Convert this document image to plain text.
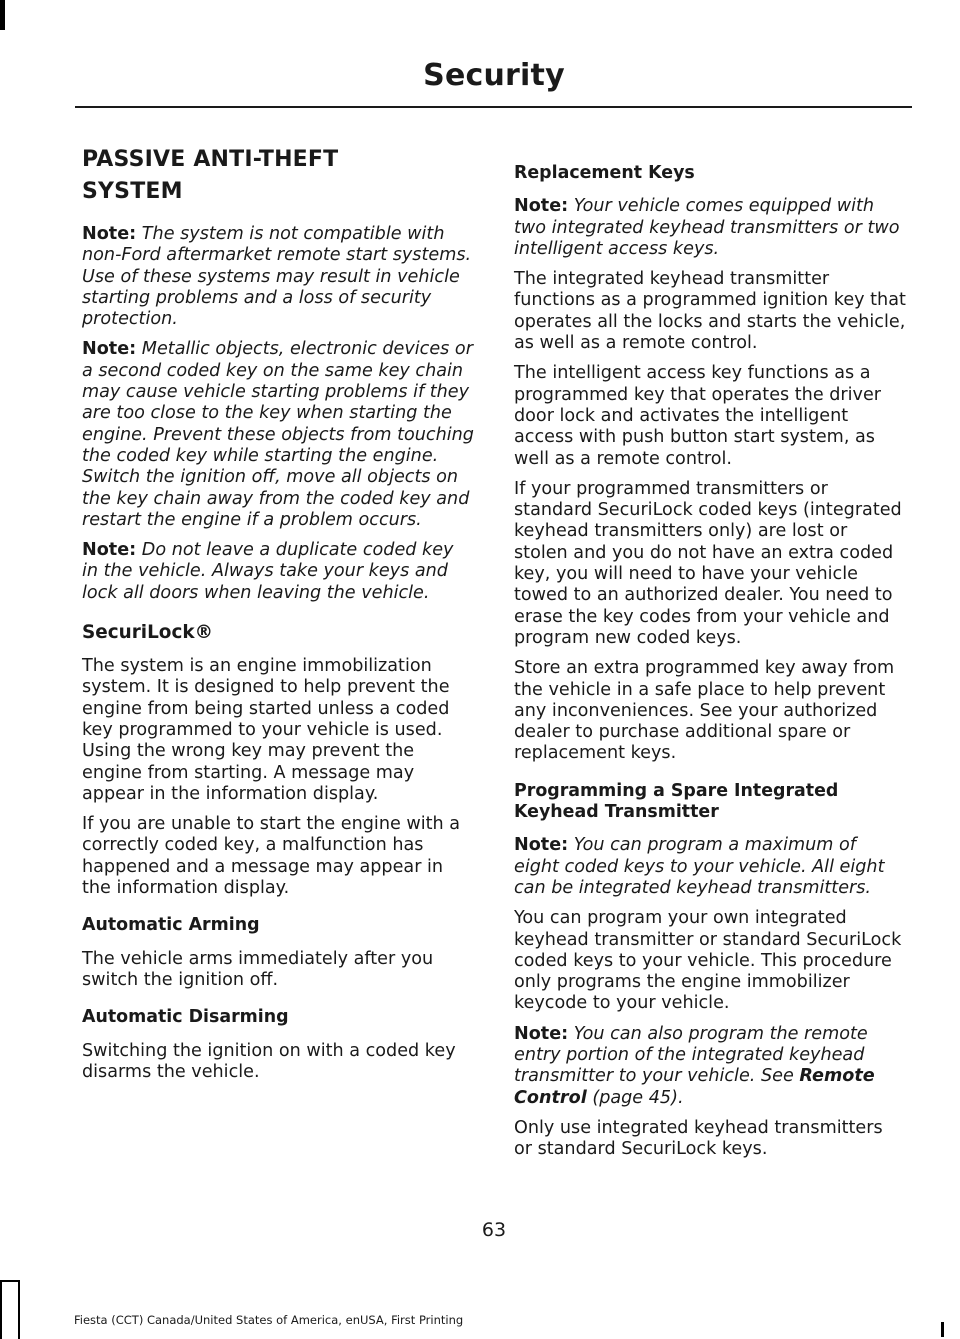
Security
PASSIVE ANTI-THEFT
SYSTEM

Note: The system is not compatible with non-Ford aftermarket remote start systems. Use of these systems may result in vehicle starting problems and a loss of security protection.

Note: Metallic objects, electronic devices or a second coded key on the same key chain may cause vehicle starting problems if they are too close to the key when starting the engine. Prevent these objects from touching the coded key while starting the engine. Switch the ignition off, move all objects on the key chain away from the coded key and restart the engine if a problem occurs.

Note: Do not leave a duplicate coded key in the vehicle. Always take your keys and lock all doors when leaving the vehicle.

SecuriLock®

The system is an engine immobilization system. It is designed to help prevent the engine from being started unless a coded key programmed to your vehicle is used. Using the wrong key may prevent the engine from starting. A message may appear in the information display.

If you are unable to start the engine with a correctly coded key, a malfunction has happened and a message may appear in the information display.

Automatic Arming

The vehicle arms immediately after you switch the ignition off.

Automatic Disarming

Switching the ignition on with a coded key disarms the vehicle.

Replacement Keys

Note: Your vehicle comes equipped with two integrated keyhead transmitters or two intelligent access keys.

The integrated keyhead transmitter functions as a programmed ignition key that operates all the locks and starts the vehicle, as well as a remote control.

The intelligent access key functions as a programmed key that operates the driver door lock and activates the intelligent access with push button start system, as well as a remote control.

If your programmed transmitters or standard SecuriLock coded keys (integrated keyhead transmitters only) are lost or stolen and you do not have an extra coded key, you will need to have your vehicle towed to an authorized dealer. You need to erase the key codes from your vehicle and program new coded keys.

Store an extra programmed key away from the vehicle in a safe place to help prevent any inconveniences. See your authorized dealer to purchase additional spare or replacement keys.

Programming a Spare Integrated Keyhead Transmitter

Note: You can program a maximum of eight coded keys to your vehicle. All eight can be integrated keyhead transmitters.

You can program your own integrated keyhead transmitter or standard SecuriLock coded keys to your vehicle. This procedure only programs the engine immobilizer keycode to your vehicle.

Note: You can also program the remote entry portion of the integrated keyhead transmitter to your vehicle. See Remote Control (page 45).

Only use integrated keyhead transmitters or standard SecuriLock keys.

63
Fiesta (CCT) Canada/United States of America, enUSA, First Printing
